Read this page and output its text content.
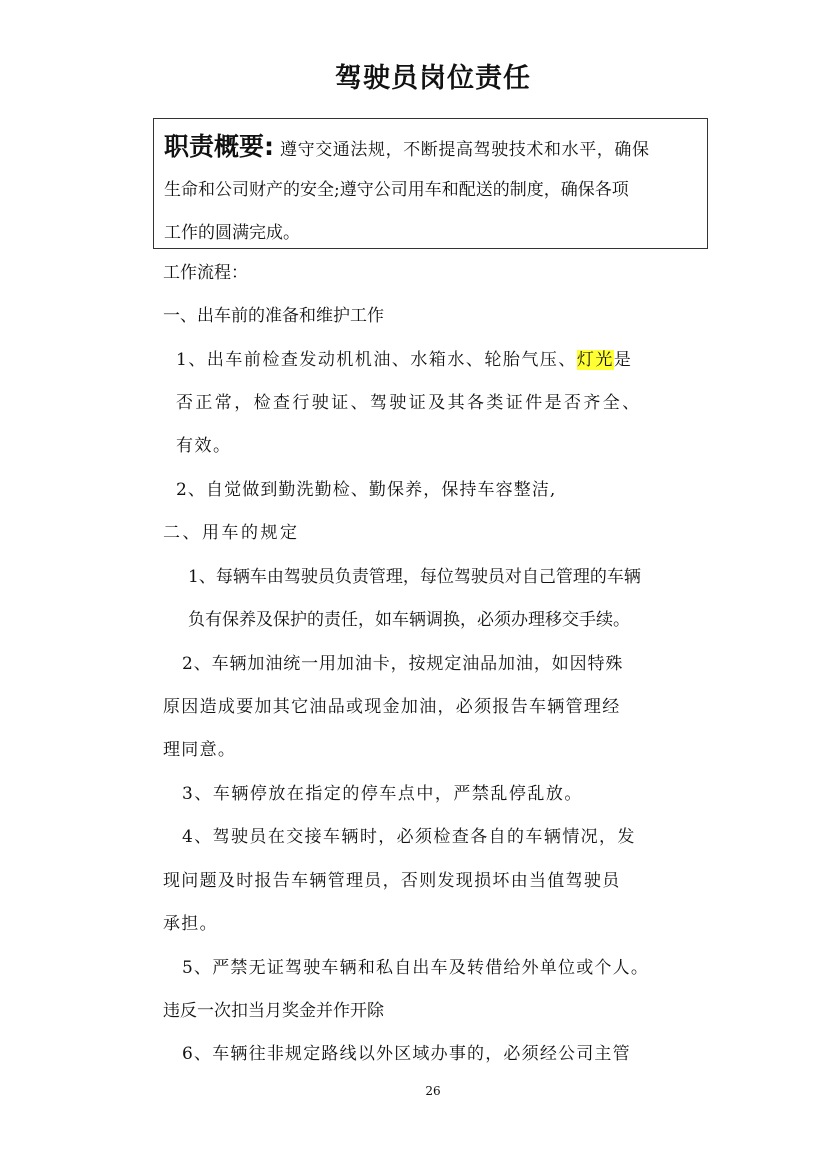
驾驶员岗位责任
职责概要: 遵守交通法规，不断提高驾驶技术和水平，确保
生命和公司财产的安全;遵守公司用车和配送的制度，确保各项
工作的圆满完成。
工作流程：
一、出车前的准备和维护工作
1、出车前检查发动机机油、水箱水、轮胎气压、灯光是
否正常，检查行驶证、驾驶证及其各类证件是否齐全、
有效。
2、自觉做到勤洗勤检、勤保养，保持车容整洁,
二、用车的规定
1、每辆车由驾驶员负责管理，每位驾驶员对自己管理的车辆
负有保养及保护的责任，如车辆调换，必须办理移交手续。
2、车辆加油统一用加油卡，按规定油品加油，如因特殊
原因造成要加其它油品或现金加油，必须报告车辆管理经
理同意。
3、车辆停放在指定的停车点中，严禁乱停乱放。
4、驾驶员在交接车辆时，必须检查各自的车辆情况，发
现问题及时报告车辆管理员，否则发现损坏由当值驾驶员
承担。
5、严禁无证驾驶车辆和私自出车及转借给外单位或个人。
违反一次扣当月奖金并作开除
6、车辆往非规定路线以外区域办事的，必须经公司主管
26
